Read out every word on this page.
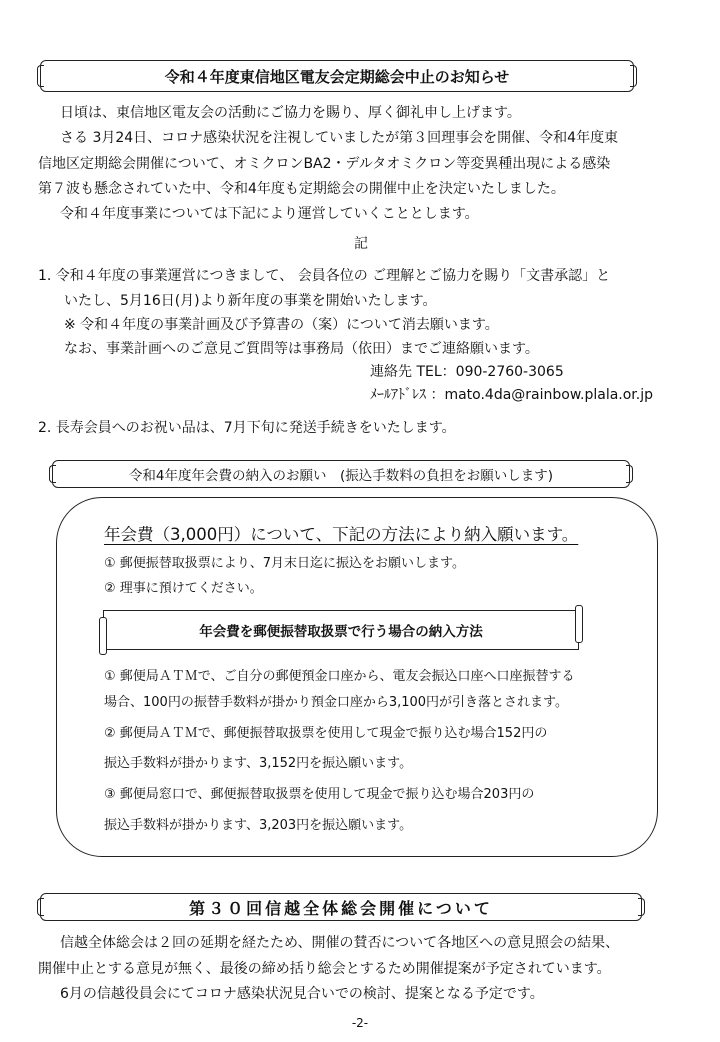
令和４年度東信地区電友会定期総会中止のお知らせ
日頃は、東信地区電友会の活動にご協力を賜り、厚く御礼申し上げます。
さる 3月24日、コロナ感染状況を注視していましたが第３回理事会を開催、令和4年度東
信地区定期総会開催について、オミクロンBA2・デルタオミクロン等変異種出現による感染
第７波も懸念されていた中、令和4年度も定期総会の開催中止を決定いたしました。
令和４年度事業については下記により運営していくこととします。
記
1. 令和４年度の事業運営につきまして、 会員各位の ご理解とご協力を賜り「文書承認」と
いたし、5月16日(月)より新年度の事業を開始いたします。
※ 令和４年度の事業計画及び予算書の（案）について消去願います。
なお、事業計画へのご意見ご質問等は事務局（依田）までご連絡願います。
連絡先 TEL：090-2760-3065
ﾒｰﾙｱﾄﾞﾚｽ ：mato.4da@rainbow.plala.or.jp
2. 長寿会員へのお祝い品は、7月下旬に発送手続きをいたします。
令和4年度年会費の納入のお願い　(振込手数料の負担をお願いします)
年会費（3,000円）について、下記の方法により納入願います。
① 郵便振替取扱票により、7月末日迄に振込をお願いします。
② 理事に預けてください。
年会費を郵便振替取扱票で行う場合の納入方法
① 郵便局ＡＴＭで、ご自分の郵便預金口座から、電友会振込口座へ口座振替する
場合、100円の振替手数料が掛かり預金口座から3,100円が引き落とされます。
② 郵便局ＡＴＭで、郵便振替取扱票を使用して現金で振り込む場合152円の
振込手数料が掛かります、3,152円を振込願います。
③ 郵便局窓口で、郵便振替取扱票を使用して現金で振り込む場合203円の
振込手数料が掛かります、3,203円を振込願います。
第３０回信越全体総会開催について
信越全体総会は２回の延期を経たため、開催の賛否について各地区への意見照会の結果、
開催中止とする意見が無く、最後の締め括り総会とするため開催提案が予定されています。
6月の信越役員会にてコロナ感染状況見合いでの検討、提案となる予定です。
-2-
